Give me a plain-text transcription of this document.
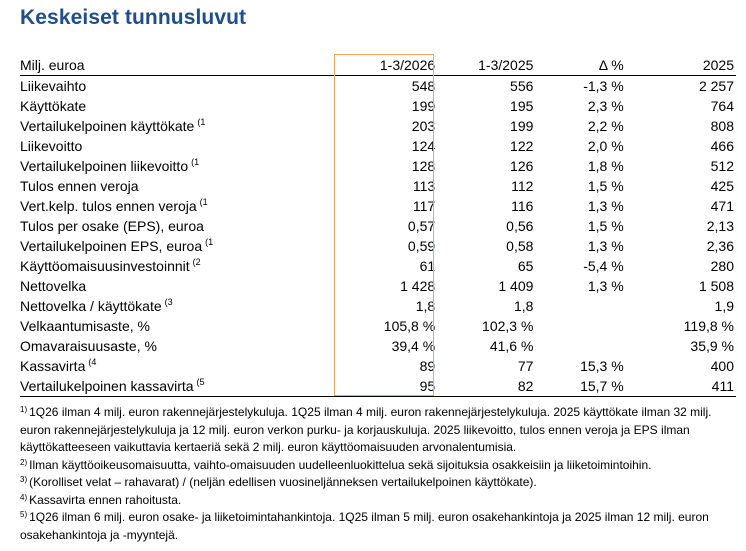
Keskeiset tunnusluvut
Milj. euroa	1-3/2026	1-3/2025	Δ %	2025
Liikevaihto	548	556	-1,3 %	2 257
Käyttökate	199	195	2,3 %	764
Vertailukelpoinen käyttökate $^{(1}$	203	199	2,2 %	808
Liikevoitto	124	122	2,0 %	466
Vertailukelpoinen liikevoitto $^{(1}$	128	126	1,8 %	512
Tulos ennen veroja	113	112	1,5 %	425
Vert.kelp. tulos ennen veroja $^{(1}$	117	116	1,3 %	471
Tulos per osake (EPS), euroa	0,57	0,56	1,5 %	2,13
Vertailukelpoinen EPS, euroa $^{(1}$	0,59	0,58	1,3 %	2,36
Käyttöomaisuusinvestoinnit $^{(2}$	61	65	-5,4 %	280
Nettovelka	1 428	1 409	1,3 %	1 508
Nettovelka / käyttökate $^{(3}$	1,8	1,8		1,9
Velkaantumisaste, %	105,8 %	102,3 %		119,8 %
Omavaraisuusaste, %	39,4 %	41,6 %		35,9 %
Kassavirta $^{(4}$	89	77	15,3 %	400
Vertailukelpoinen kassavirta $^{(5}$	95	82	15,7 %	411

$^{1)}$ 1Q26 ilman 4 milj. euron rakennejärjestelykuluja. 1Q25 ilman 4 milj. euron rakennejärjestelykuluja. 2025 käyttökate ilman 32 milj. euron rakennejärjestelykuluja ja 12 milj. euron verkon purku- ja korjauskuluja. 2025 liikevoitto, tulos ennen veroja ja EPS ilman käyttökatteeseen vaikuttavia kertaeriä sekä 2 milj. euron käyttöomaisuuden arvonalentumisia.

$^{2)}$ Ilman käyttöoikeusomaisuutta, vaihto-omaisuuden uudelleenluokittelua sekä sijoituksia osakkeisiin ja liiketoimintoihin.

$^{3)}$ (Korolliset velat – rahavarat) / (neljän edellisen vuosineljänneksen vertailukelpoinen käyttökate).

$^{4)}$ Kassavirta ennen rahoitusta.

$^{5)}$ 1Q26 ilman 6 milj. euron osake- ja liiketoimintahankintoja. 1Q25 ilman 5 milj. euron osakehankintoja ja 2025 ilman 12 milj. euron osakehankintoja ja -myyntejä.
